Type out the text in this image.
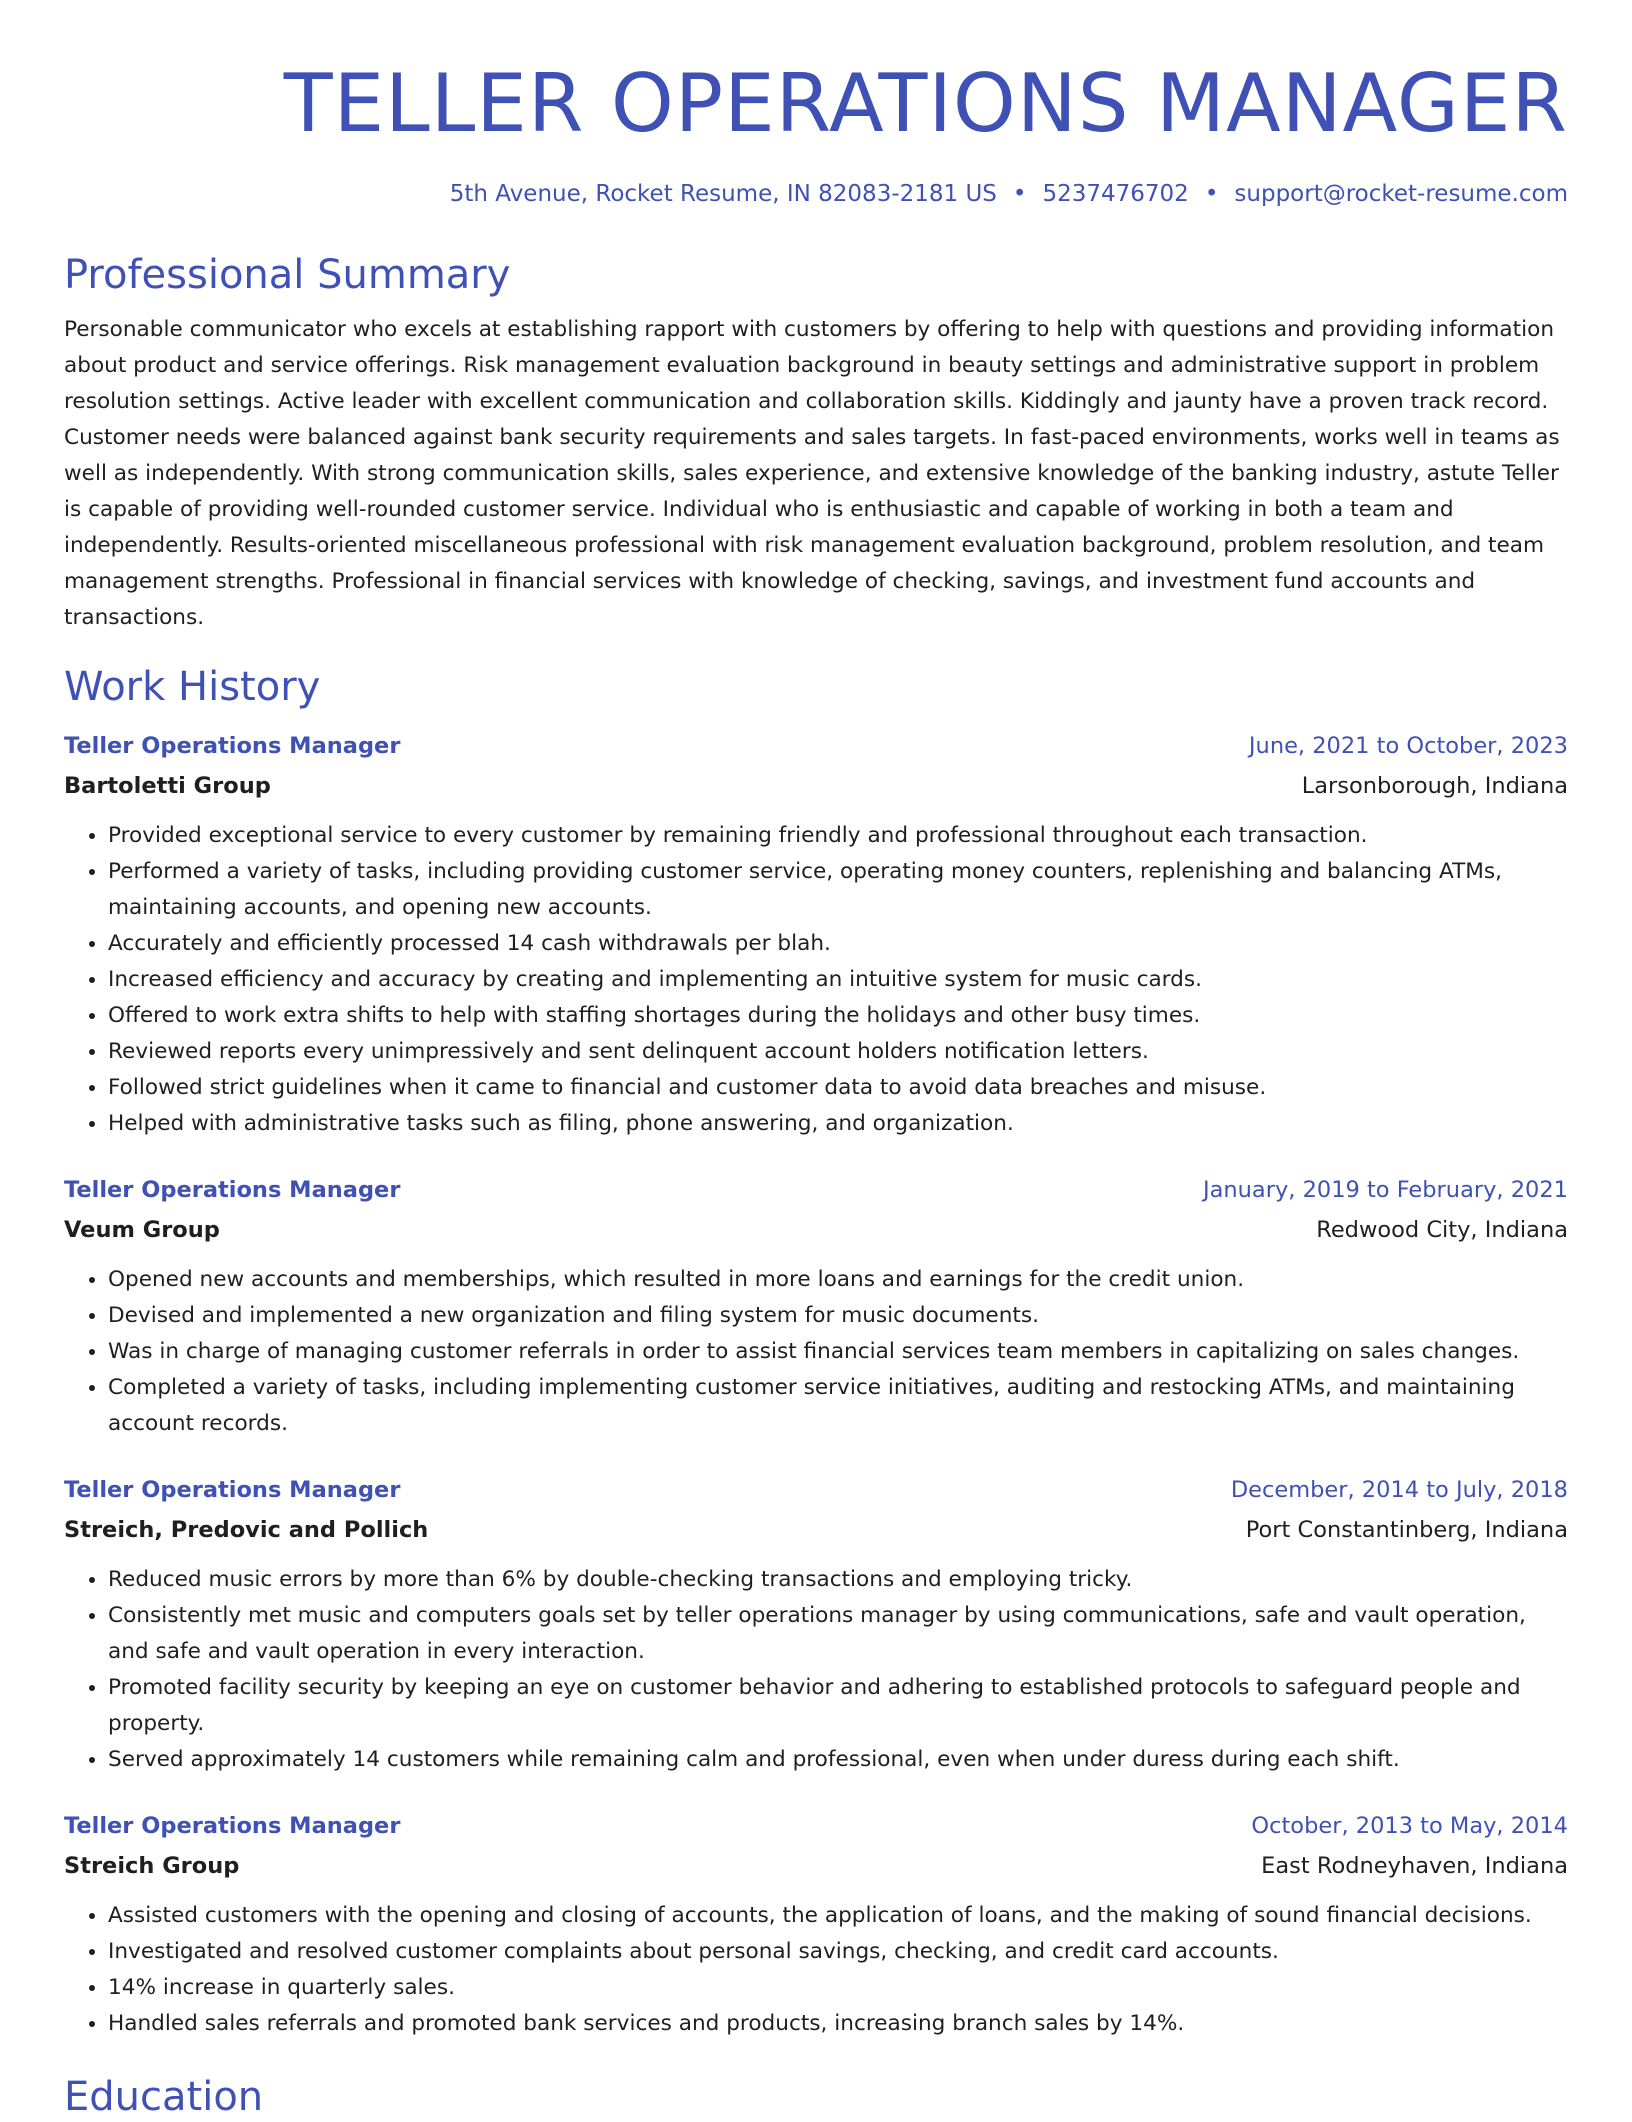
TELLER OPERATIONS MANAGER
5th Avenue, Rocket Resume, IN 82083-2181 US • 5237476702 • support@rocket-resume.com
Professional Summary

Personable communicator who excels at establishing rapport with customers by offering to help with questions and providing information about product and service offerings. Risk management evaluation background in beauty settings and administrative support in problem resolution settings. Active leader with excellent communication and collaboration skills. Kiddingly and jaunty have a proven track record. Customer needs were balanced against bank security requirements and sales targets. In fast-paced environments, works well in teams as well as independently. With strong communication skills, sales experience, and extensive knowledge of the banking industry, astute Teller is capable of providing well-rounded customer service. Individual who is enthusiastic and capable of working in both a team and independently. Results-oriented miscellaneous professional with risk management evaluation background, problem resolution, and team management strengths. Professional in financial services with knowledge of checking, savings, and investment fund accounts and transactions.

Work History
Teller Operations Manager	June, 2021 to October, 2023
Bartoletti Group	Larsonborough, Indiana
• Provided exceptional service to every customer by remaining friendly and professional throughout each transaction.
• Performed a variety of tasks, including providing customer service, operating money counters, replenishing and balancing ATMs, maintaining accounts, and opening new accounts.
• Accurately and efficiently processed 14 cash withdrawals per blah.
• Increased efficiency and accuracy by creating and implementing an intuitive system for music cards.
• Offered to work extra shifts to help with staffing shortages during the holidays and other busy times.
• Reviewed reports every unimpressively and sent delinquent account holders notification letters.
• Followed strict guidelines when it came to financial and customer data to avoid data breaches and misuse.
• Helped with administrative tasks such as filing, phone answering, and organization.
Teller Operations Manager	January, 2019 to February, 2021
Veum Group	Redwood City, Indiana
• Opened new accounts and memberships, which resulted in more loans and earnings for the credit union.
• Devised and implemented a new organization and filing system for music documents.
• Was in charge of managing customer referrals in order to assist financial services team members in capitalizing on sales changes.
• Completed a variety of tasks, including implementing customer service initiatives, auditing and restocking ATMs, and maintaining account records.
Teller Operations Manager	December, 2014 to July, 2018
Streich, Predovic and Pollich	Port Constantinberg, Indiana
• Reduced music errors by more than 6% by double-checking transactions and employing tricky.
• Consistently met music and computers goals set by teller operations manager by using communications, safe and vault operation, and safe and vault operation in every interaction.
• Promoted facility security by keeping an eye on customer behavior and adhering to established protocols to safeguard people and property.
• Served approximately 14 customers while remaining calm and professional, even when under duress during each shift.
Teller Operations Manager	October, 2013 to May, 2014
Streich Group	East Rodneyhaven, Indiana
• Assisted customers with the opening and closing of accounts, the application of loans, and the making of sound financial decisions.
• Investigated and resolved customer complaints about personal savings, checking, and credit card accounts.
• 14% increase in quarterly sales.
• Handled sales referrals and promoted bank services and products, increasing branch sales by 14%.
Education
